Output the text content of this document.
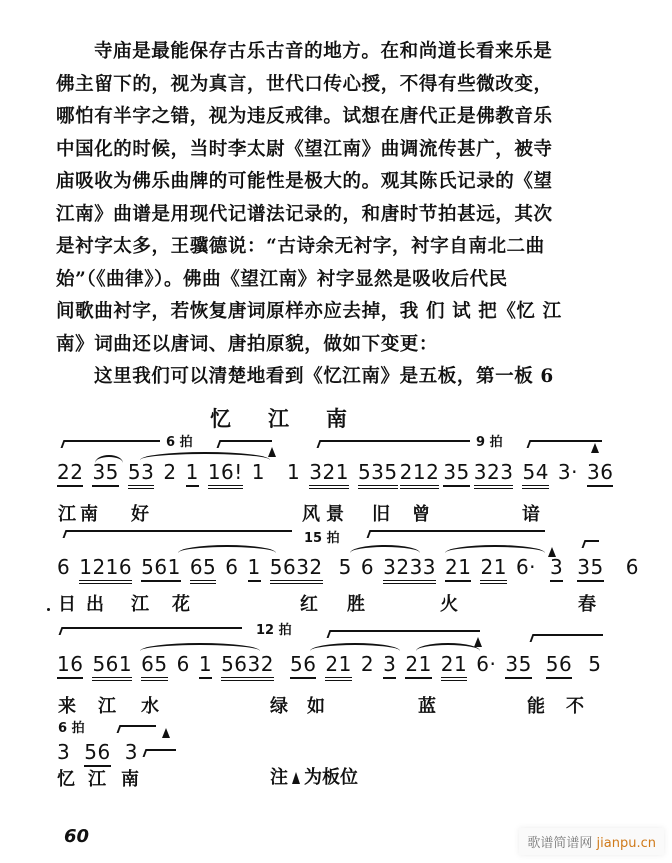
寺庙是最能保存古乐古音的地方。在和尚道长看来乐是
佛主留下的，视为真言，世代口传心授，不得有些微改变，
哪怕有半字之错，视为违反戒律。试想在唐代正是佛教音乐
中国化的时候，当时李太尉《望江南》曲调流传甚广，被寺
庙吸收为佛乐曲牌的可能性是极大的。观其陈氏记录的《望
江南》曲谱是用现代记谱法记录的，和唐时节拍甚远，其次
是衬字太多，王骥德说：“古诗余无衬字，衬字自南北二曲
始”（《曲律》）。佛曲《望江南》衬字显然是吸收后代民
间歌曲衬字，若恢复唐词原样亦应去掉，我 们 试 把《忆 江
南》词曲还以唐词、唐拍原貌，做如下变更：
这里我们可以清楚地看到《忆江南》是五板，第一板 6
忆 江 南
6 拍	9 拍
22 35 53 2 1 16! 1 1 321 535 212 35 323 54 3· 36
江 南 好	风 景 旧 曾	谙
15 拍
6 1216 561 65 6 1 5632 5 6 3233 21 21 6· 3 35 6
日 出 江 花	红 胜	火	春
12 拍
16 561 65 6 1 5632 56 21 2 3 21 21 6· 35 56 5
来 江 水	绿 如	蓝	能 不
6 拍
3 56 3
忆 江 南	注 为板位
60	歌谱简谱网 jianpu.cn
